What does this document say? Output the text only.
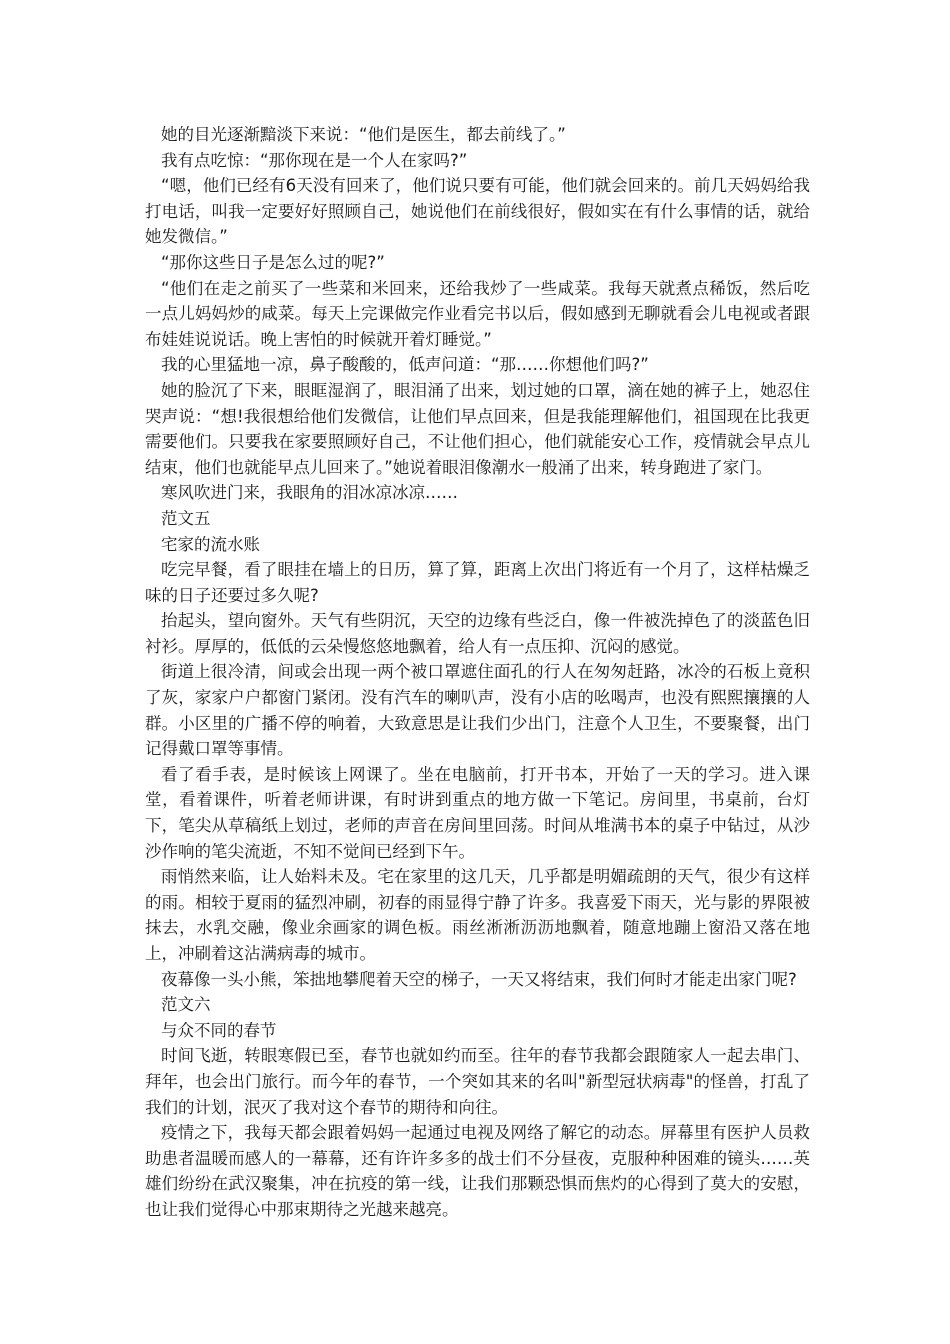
她的目光逐渐黯淡下来说：“他们是医生，都去前线了。”

我有点吃惊：“那你现在是一个人在家吗?”

“嗯，他们已经有6天没有回来了，他们说只要有可能，他们就会回来的。前几天妈妈给我打电话，叫我一定要好好照顾自己，她说他们在前线很好，假如实在有什么事情的话，就给她发微信。”

“那你这些日子是怎么过的呢?”

“他们在走之前买了一些菜和米回来，还给我炒了一些咸菜。我每天就煮点稀饭，然后吃一点儿妈妈炒的咸菜。每天上完课做完作业看完书以后，假如感到无聊就看会儿电视或者跟布娃娃说说话。晚上害怕的时候就开着灯睡觉。”

我的心里猛地一凉，鼻子酸酸的，低声问道：“那……你想他们吗?”

她的脸沉了下来，眼眶湿润了，眼泪涌了出来，划过她的口罩，滴在她的裤子上，她忍住哭声说：“想!我很想给他们发微信，让他们早点回来，但是我能理解他们，祖国现在比我更需要他们。只要我在家要照顾好自己，不让他们担心，他们就能安心工作，疫情就会早点儿结束，他们也就能早点儿回来了。”她说着眼泪像潮水一般涌了出来，转身跑进了家门。

寒风吹进门来，我眼角的泪冰凉冰凉……

范文五

宅家的流水账

吃完早餐，看了眼挂在墙上的日历，算了算，距离上次出门将近有一个月了，这样枯燥乏味的日子还要过多久呢?

抬起头，望向窗外。天气有些阴沉，天空的边缘有些泛白，像一件被洗掉色了的淡蓝色旧衬衫。厚厚的，低低的云朵慢悠悠地飘着，给人有一点压抑、沉闷的感觉。

街道上很冷清，间或会出现一两个被口罩遮住面孔的行人在匆匆赶路，冰冷的石板上竟积了灰，家家户户都窗门紧闭。没有汽车的喇叭声，没有小店的吆喝声，也没有熙熙攘攘的人群。小区里的广播不停的响着，大致意思是让我们少出门，注意个人卫生，不要聚餐，出门记得戴口罩等事情。

看了看手表，是时候该上网课了。坐在电脑前，打开书本，开始了一天的学习。进入课堂，看着课件，听着老师讲课，有时讲到重点的地方做一下笔记。房间里，书桌前，台灯下，笔尖从草稿纸上划过，老师的声音在房间里回荡。时间从堆满书本的桌子中钻过，从沙沙作响的笔尖流逝，不知不觉间已经到下午。

雨悄然来临，让人始料未及。宅在家里的这几天，几乎都是明媚疏朗的天气，很少有这样的雨。相较于夏雨的猛烈冲刷，初春的雨显得宁静了许多。我喜爱下雨天，光与影的界限被抹去，水乳交融，像业余画家的调色板。雨丝淅淅沥沥地飘着，随意地蹦上窗沿又落在地上，冲刷着这沾满病毒的城市。

夜幕像一头小熊，笨拙地攀爬着天空的梯子，一天又将结束，我们何时才能走出家门呢?

范文六

与众不同的春节

时间飞逝，转眼寒假已至，春节也就如约而至。往年的春节我都会跟随家人一起去串门、拜年，也会出门旅行。而今年的春节，一个突如其来的名叫"新型冠状病毒"的怪兽，打乱了我们的计划，泯灭了我对这个春节的期待和向往。

疫情之下，我每天都会跟着妈妈一起通过电视及网络了解它的动态。屏幕里有医护人员救助患者温暖而感人的一幕幕，还有许许多多的战士们不分昼夜，克服种种困难的镜头……英雄们纷纷在武汉聚集，冲在抗疫的第一线，让我们那颗恐惧而焦灼的心得到了莫大的安慰，也让我们觉得心中那束期待之光越来越亮。
